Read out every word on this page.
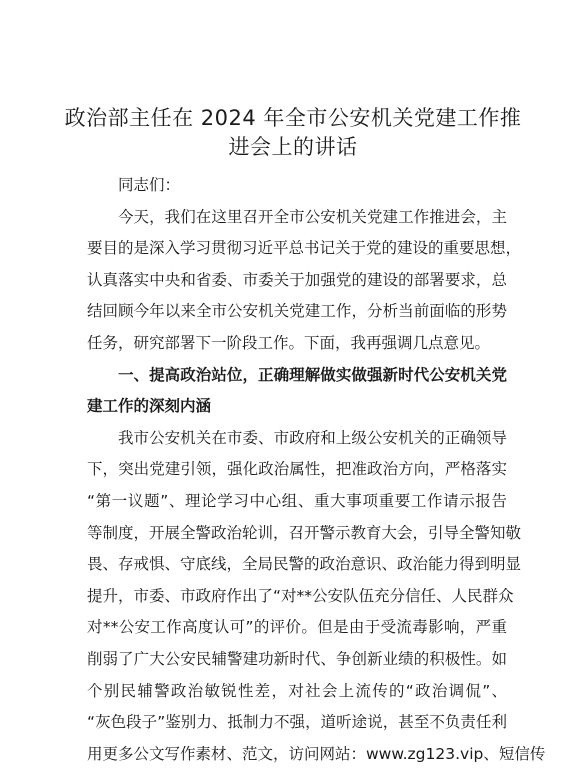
政治部主任在 2024 年全市公安机关党建工作推
进会上的讲话
同志们：
今天，我们在这里召开全市公安机关党建工作推进会，主
要目的是深入学习贯彻习近平总书记关于党的建设的重要思想，
认真落实中央和省委、市委关于加强党的建设的部署要求，总
结回顾今年以来全市公安机关党建工作，分析当前面临的形势
任务，研究部署下一阶段工作。下面，我再强调几点意见。
一、提高政治站位，正确理解做实做强新时代公安机关党
建工作的深刻内涵
我市公安机关在市委、市政府和上级公安机关的正确领导
下，突出党建引领，强化政治属性，把准政治方向，严格落实
“第一议题”、理论学习中心组、重大事项重要工作请示报告
等制度，开展全警政治轮训，召开警示教育大会，引导全警知敬
畏、存戒惧、守底线，全局民警的政治意识、政治能力得到明显
提升，市委、市政府作出了“对**公安队伍充分信任、人民群众
对**公安工作高度认可”的评价。但是由于受流毒影响，严重
削弱了广大公安民辅警建功新时代、争创新业绩的积极性。如
个别民辅警政治敏锐性差，对社会上流传的“政治调侃”、
“灰色段子”鉴别力、抵制力不强，道听途说，甚至不负责任利
用更多公文写作素材、范文，访问网站：www.zg123.vip、短信传
